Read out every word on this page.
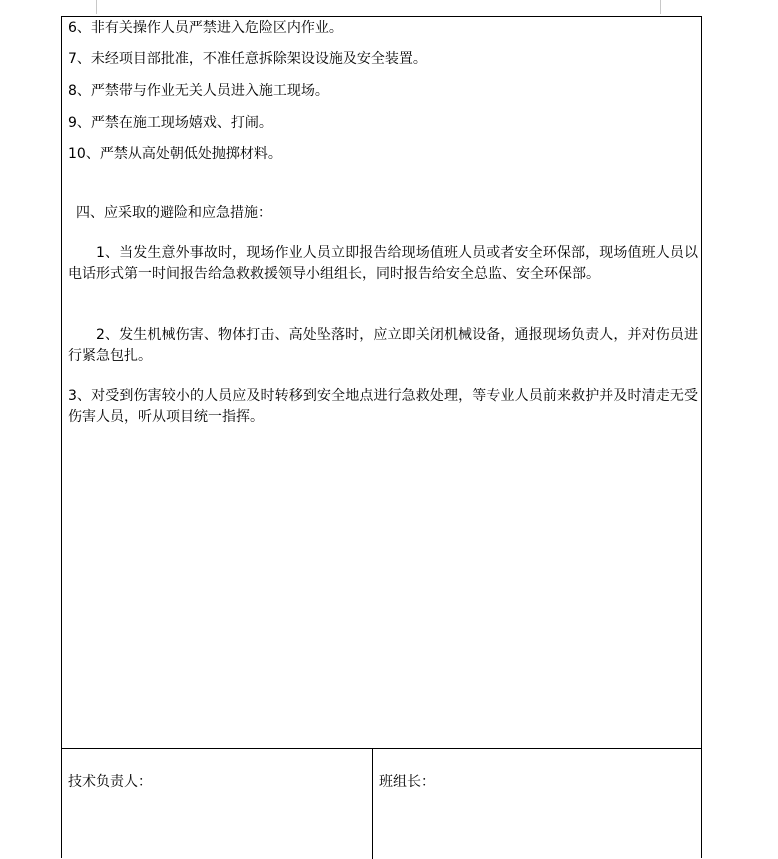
6、非有关操作人员严禁进入危险区内作业。
7、未经项目部批准，不准任意拆除架设设施及安全装置。
8、严禁带与作业无关人员进入施工现场。
9、严禁在施工现场嬉戏、打闹。
10、严禁从高处朝低处抛掷材料。
四、应采取的避险和应急措施：
1、当发生意外事故时，现场作业人员立即报告给现场值班人员或者安全环保部，现场值班人员以电话形式第一时间报告给急救救援领导小组组长，同时报告给安全总监、安全环保部。
2、发生机械伤害、物体打击、高处坠落时，应立即关闭机械设备，通报现场负责人，并对伤员进行紧急包扎。
3、对受到伤害较小的人员应及时转移到安全地点进行急救处理，等专业人员前来救护并及时清走无受伤害人员，听从项目统一指挥。
技术负责人：	班组长：
